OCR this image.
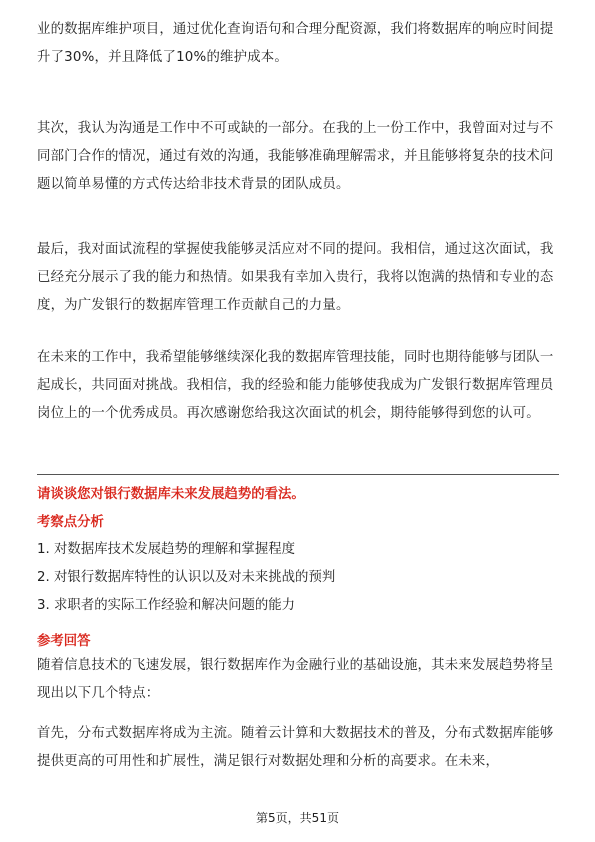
业的数据库维护项目，通过优化查询语句和合理分配资源，我们将数据库的响应时间提升了30%，并且降低了10%的维护成本。

其次，我认为沟通是工作中不可或缺的一部分。在我的上一份工作中，我曾面对过与不同部门合作的情况，通过有效的沟通，我能够准确理解需求，并且能够将复杂的技术问题以简单易懂的方式传达给非技术背景的团队成员。

最后，我对面试流程的掌握使我能够灵活应对不同的提问。我相信，通过这次面试，我已经充分展示了我的能力和热情。如果我有幸加入贵行，我将以饱满的热情和专业的态度，为广发银行的数据库管理工作贡献自己的力量。

在未来的工作中，我希望能够继续深化我的数据库管理技能，同时也期待能够与团队一起成长，共同面对挑战。我相信，我的经验和能力能够使我成为广发银行数据库管理员岗位上的一个优秀成员。再次感谢您给我这次面试的机会，期待能够得到您的认可。

请谈谈您对银行数据库未来发展趋势的看法。
考察点分析
1. 对数据库技术发展趋势的理解和掌握程度
2. 对银行数据库特性的认识以及对未来挑战的预判
3. 求职者的实际工作经验和解决问题的能力
参考回答

随着信息技术的飞速发展，银行数据库作为金融行业的基础设施，其未来发展趋势将呈现出以下几个特点：

首先，分布式数据库将成为主流。随着云计算和大数据技术的普及，分布式数据库能够提供更高的可用性和扩展性，满足银行对数据处理和分析的高要求。在未来，

第5页，共51页
